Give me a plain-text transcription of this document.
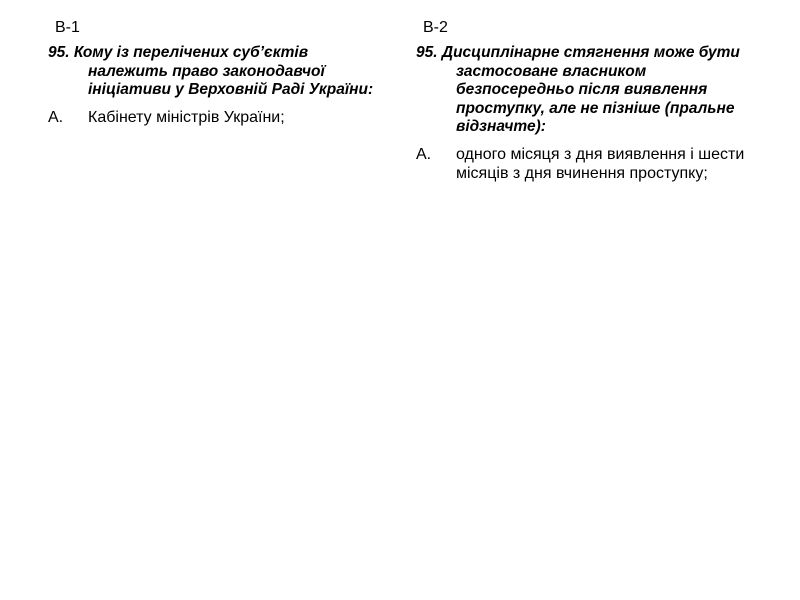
В-1

95. Кому із перелічених суб’єктів належить право законодавчої ініціативи у Верховній Раді України:

А.	Кабінету міністрів України;
В-2

95. Дисциплінарне стягнення може бути застосоване власником безпосередньо після виявлення проступку, але не пізніше (пральне відзначте):

А.	одного місяця з дня виявлення і шести місяців з дня вчинення проступку;
